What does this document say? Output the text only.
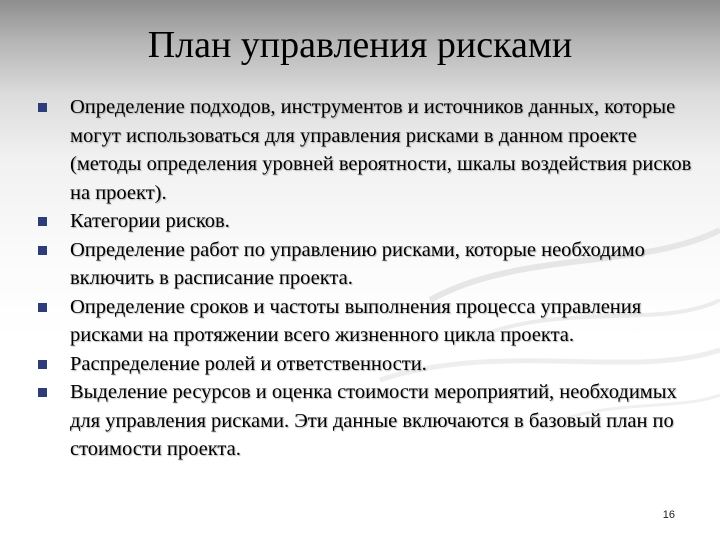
План управления рисками
Определение подходов, инструментов и источников данных, которые могут использоваться для управления рисками в данном проекте (методы определения уровней вероятности, шкалы воздействия рисков на проект).
Категории рисков.
Определение работ по управлению рисками, которые необходимо включить в расписание проекта.
Определение сроков и частоты выполнения процесса управления рисками на протяжении всего жизненного цикла проекта.
Распределение ролей и ответственности.
Выделение ресурсов и оценка стоимости мероприятий, необходимых для управления рисками. Эти данные включаются в базовый план по стоимости проекта.
16
